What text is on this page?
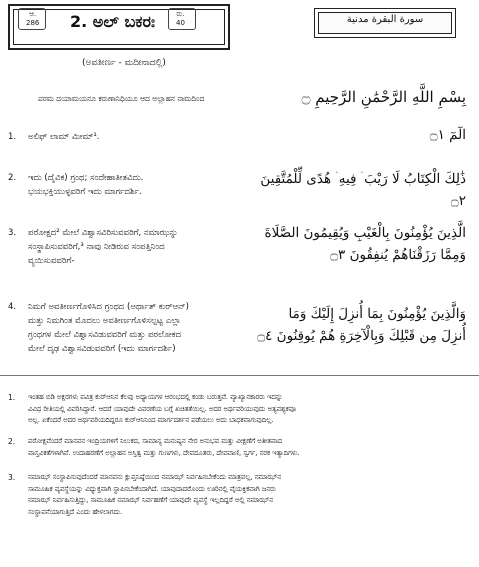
ಆ.
286 2. ಅಲ್ ಬಕರಃ	ರು.
40	سورة البقرة مدنية
(ಅವತೀರ್ಣ - ಮದೀನಾದಲ್ಲಿ)
ಪರಮ ದಯಾಮಯನೂ ಕರುಣಾನಿಧಿಯೂ ಆದ ಅಲ್ಲಾಹನ ನಾಮದಿಂದ	بِسْمِ اللَّهِ الرَّحْمَٰنِ الرَّحِيمِ ۝
1. ಅಲಿಫ್ ಲಾಮ್ ಮೀಮ್¹.	الٓمٓ ۝١
2. ಇದು (ದೈವಿಕ) ಗ್ರಂಥ; ಸಂದೇಹಾತೀತವಿದು.
ಭಯಭಕ್ತಿಯುಳ್ಳವರಿಗೆ ಇದು ಮಾರ್ಗದರ್ಶಿ.
ذَٰلِكَ الْكِتَابُ لَا رَيْبَ ۛ فِيهِ ۛ هُدًى لِّلْمُتَّقِينَ ۝٢
3. ಪರೋಕ್ಷದ² ಮೇಲೆ ವಿಶ್ವಾಸವಿರಿಸುವವರಿಗೆ, ನಮಾಝನ್ನು
ಸಂಸ್ಥಾಪಿಸುವವರಿಗೆ,³ ನಾವು ನೀಡಿರುವ ಸಂಪತ್ತಿನಿಂದ
ವ್ಯಯಿಸುವವರಿಗೆ-
الَّذِينَ يُؤْمِنُونَ بِالْغَيْبِ وَيُقِيمُونَ الصَّلَاةَ
وَمِمَّا رَزَقْنَاهُمْ يُنفِقُونَ ۝٣
4. ನಿಮಗೆ ಅವತೀರ್ಣಗೊಳಿಸಿದ ಗ್ರಂಥದ (ಅರ್ಥಾತ್ ಕುರ್‌ಆನ್)
ಮತ್ತು ನಿಮಗಿಂತ ಮೊದಲು ಅವತೀರ್ಣಗೊಳಿಸಲ್ಪಟ್ಟ ಎಲ್ಲಾ
ಗ್ರಂಥಗಳ ಮೇಲೆ ವಿಶ್ವಾಸವಿಡುವವರಿಗೆ ಮತ್ತು ಪರಲೋಕದ
ಮೇಲೆ ದೃಢ ವಿಶ್ವಾಸವಿಡುವವರಿಗೆ (ಇದು ಮಾರ್ಗದರ್ಶಿ)
وَالَّذِينَ يُؤْمِنُونَ بِمَا أُنزِلَ إِلَيْكَ وَمَا
أُنزِلَ مِن قَبْلِكَ وَبِالْآخِرَةِ هُمْ يُوقِنُونَ ۝٤
1. ಇಂತಹ ಬಿಡಿ ಅಕ್ಷರಗಳು ಪವಿತ್ರ ಕುರ್‌ಆನಿನ ಕೆಲವು ಅಧ್ಯಾಯಗಳ ಆರಂಭದಲ್ಲಿ ಕಂಡು ಬರುತ್ತವೆ. ವ್ಯಾಖ್ಯಾನಕಾರರು ಇದನ್ನು
ವಿವಿಧ ರೀತಿಯಲ್ಲಿ ವಿವರಿಸಿದ್ದಾರೆ. ಆದರೆ ಯಾವುದೇ ವಿವರಣೆಯ ಬಗ್ಗೆ ಖಚಿತತೆಯಿಲ್ಲ. ಅದರ ಅರ್ಥವರಿಯುವುದು ಅತ್ಯವಶ್ಯಕವೂ
ಅಲ್ಲ. ಏಕೆಂದರೆ ಅದರ ಅರ್ಥವರಿಯದಿದ್ದರೂ ಕುರ್‌ಆನಿನಿಂದ ಮಾರ್ಗದರ್ಶನ ಪಡೆಯಲು ಅದು ಬಾಧಕವಾಗುವುದಿಲ್ಲ.
2. ಪರೋಕ್ಷವೆಂದರೆ ಮಾನವನ ಇಂದ್ರಿಯಗಳಿಗೆ ನಿಲುಕದ, ಸಾಮಾನ್ಯ ಮನುಷ್ಯನ ನೇರ ಅನುಭವ ಮತ್ತು ವೀಕ್ಷಣೆಗೆ ಅತೀತವಾದ
ವಾಸ್ತವಿಕತೆಗಳಾಗಿವೆ. ಉದಾಹರಣೆಗೆ ಅಲ್ಲಾಹನ ಅಸ್ತಿತ್ವ ಮತ್ತು ಗುಣಗಳು, ದೇವದೂತರು, ದೇವವಾಣಿ, ಸ್ವರ್ಗ, ನರಕ ಇತ್ಯಾದಿಗಳು.
3. ನಮಾಝ್ ಸಂಸ್ಥಾಪಿಸುವುದೆಂದರೆ ಮಾನವನು ಕ್ಲುಪ್ತನಿಷ್ಠೆಯಿಂದ ನಮಾಝ್ ನಿರ್ವಹಿಸಬೇಕೆಂದು ಮಾತ್ರವಲ್ಲ, ನಮಾಝ್‌ನ
ಸಾಮೂಹಿಕ ವ್ಯವಸ್ಥೆಯನ್ನು ವಿಧ್ಯುಕ್ತವಾಗಿ ಸ್ಥಾಪಿಸಬೇಕೆಂದಾಗಿದೆ. ಯಾವುದಾದರೊಂದು ಊರಿನಲ್ಲಿ ವೈಯಕ್ತಿಕವಾಗಿ ಜನರು
ನಮಾಝ್ ನಿರ್ವಹಿಸುತ್ತಿದ್ದು, ಸಾಮೂಹಿಕ ನಮಾಝ್ ನಿರ್ವಹಣೆಗೆ ಯಾವುದೇ ವ್ಯವಸ್ಥೆ ಇಲ್ಲದಿದ್ದರೆ ಅಲ್ಲಿ ನಮಾಝ್‌ನ
ಸಂಸ್ಥಾಪನೆಯಾಗುತ್ತಿದೆ ಎಂದು ಹೇಳಲಾಗದು.
